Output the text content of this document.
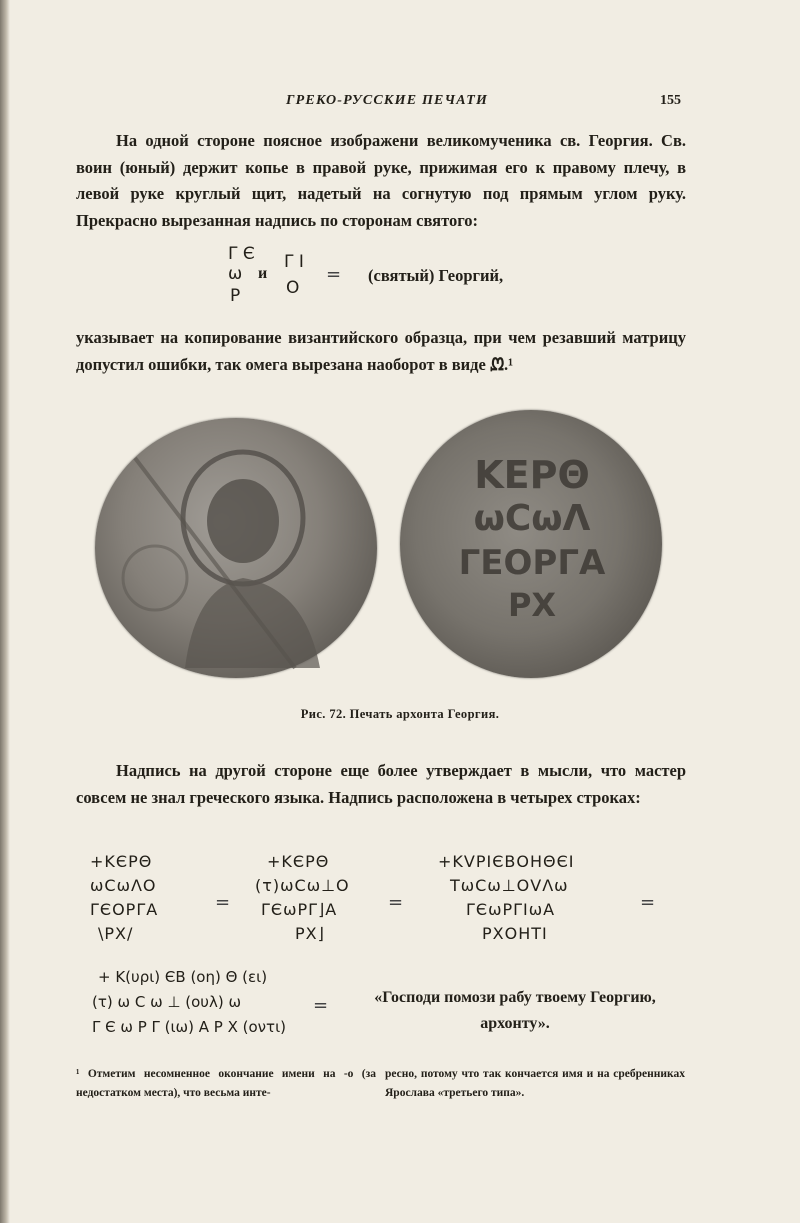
ГРЕКО-РУССКИЕ ПЕЧАТИ	155
На одной стороне поясное изображени великомученика св. Георгия. Св. воин (юный) держит копье в правой руке, прижимая его к правому плечу, в левой руке круглый щит, надетый на согнутую под прямым углом руку. Прекрасно вырезанная надпись по сторонам святого:
Γ Є
ω
Ρ
и
Γ Ι
Ο
= (святый) Георгий,
указывает на копирование византийского образца, при чем резавший матрицу допустил ошибки, так омега вырезана наоборот в виде ᘻ.¹
ΚΕΡΘ
ωCωΛ
ΓΕΟΡΓΑ
ΡΧ
Рис. 72. Печать архонта Георгия.
Надпись на другой стороне еще более утверждает в мысли, что мастер совсем не знал греческого языка. Надпись расположена в четырех строках:
+ΚЄΡΘ
ωCωΛΟ
ΓЄΟΡΓΑ
\ΡΧ/
=
+ΚЄΡΘ
(τ)ωCω⊥Ο
ΓЄωΡΓ⌋Α
ΡΧ⌋
=
+ΚVΡΙЄΒΟΗΘЄΙ
ΤωCω⊥ΟVΛω
ΓЄωΡΓΙωΑ
ΡΧΟΗΤΙ
=
+ Κ(υρι) ЄΒ (οη) Θ (ει)
(τ) ω C ω ⊥ (ουλ) ω
Γ Є ω Ρ Γ (ιω) Α Ρ Χ (οντι)
=	«Господи помози рабу твоему Георгию, архонту».
¹ Отметим несомненное окончание имени на -ο (за недостатком места), что весьма инте-
ресно, потому что так кончается имя и на сребренниках Ярослава «третьего типа».
